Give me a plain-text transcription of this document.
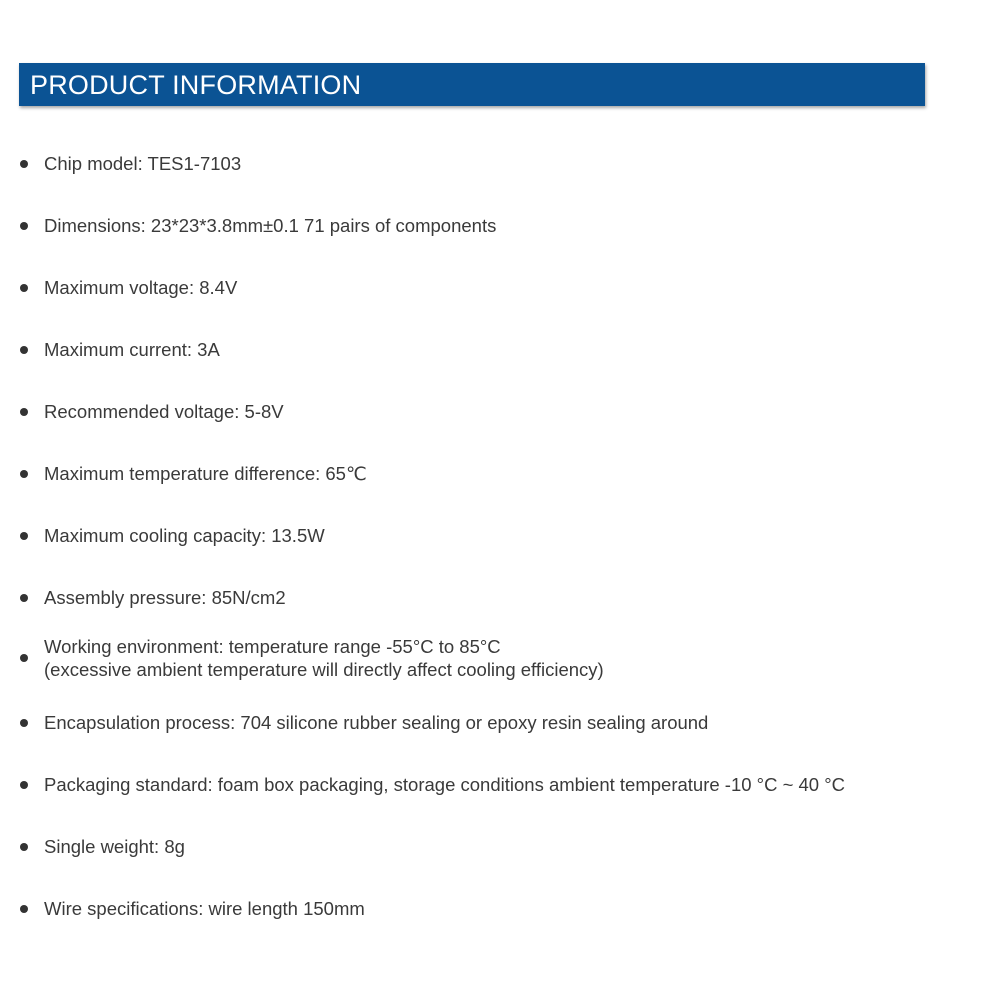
PRODUCT INFORMATION
Chip model: TES1-7103
Dimensions: 23*23*3.8mm±0.1 71 pairs of components
Maximum voltage: 8.4V
Maximum current: 3A
Recommended voltage: 5-8V
Maximum temperature difference: 65℃
Maximum cooling capacity: 13.5W
Assembly pressure: 85N/cm2
Working environment: temperature range -55°C to 85°C
(excessive ambient temperature will directly affect cooling efficiency)
Encapsulation process: 704 silicone rubber sealing or epoxy resin sealing around
Packaging standard: foam box packaging, storage conditions ambient temperature -10 °C ~ 40 °C
Single weight: 8g
Wire specifications: wire length 150mm
